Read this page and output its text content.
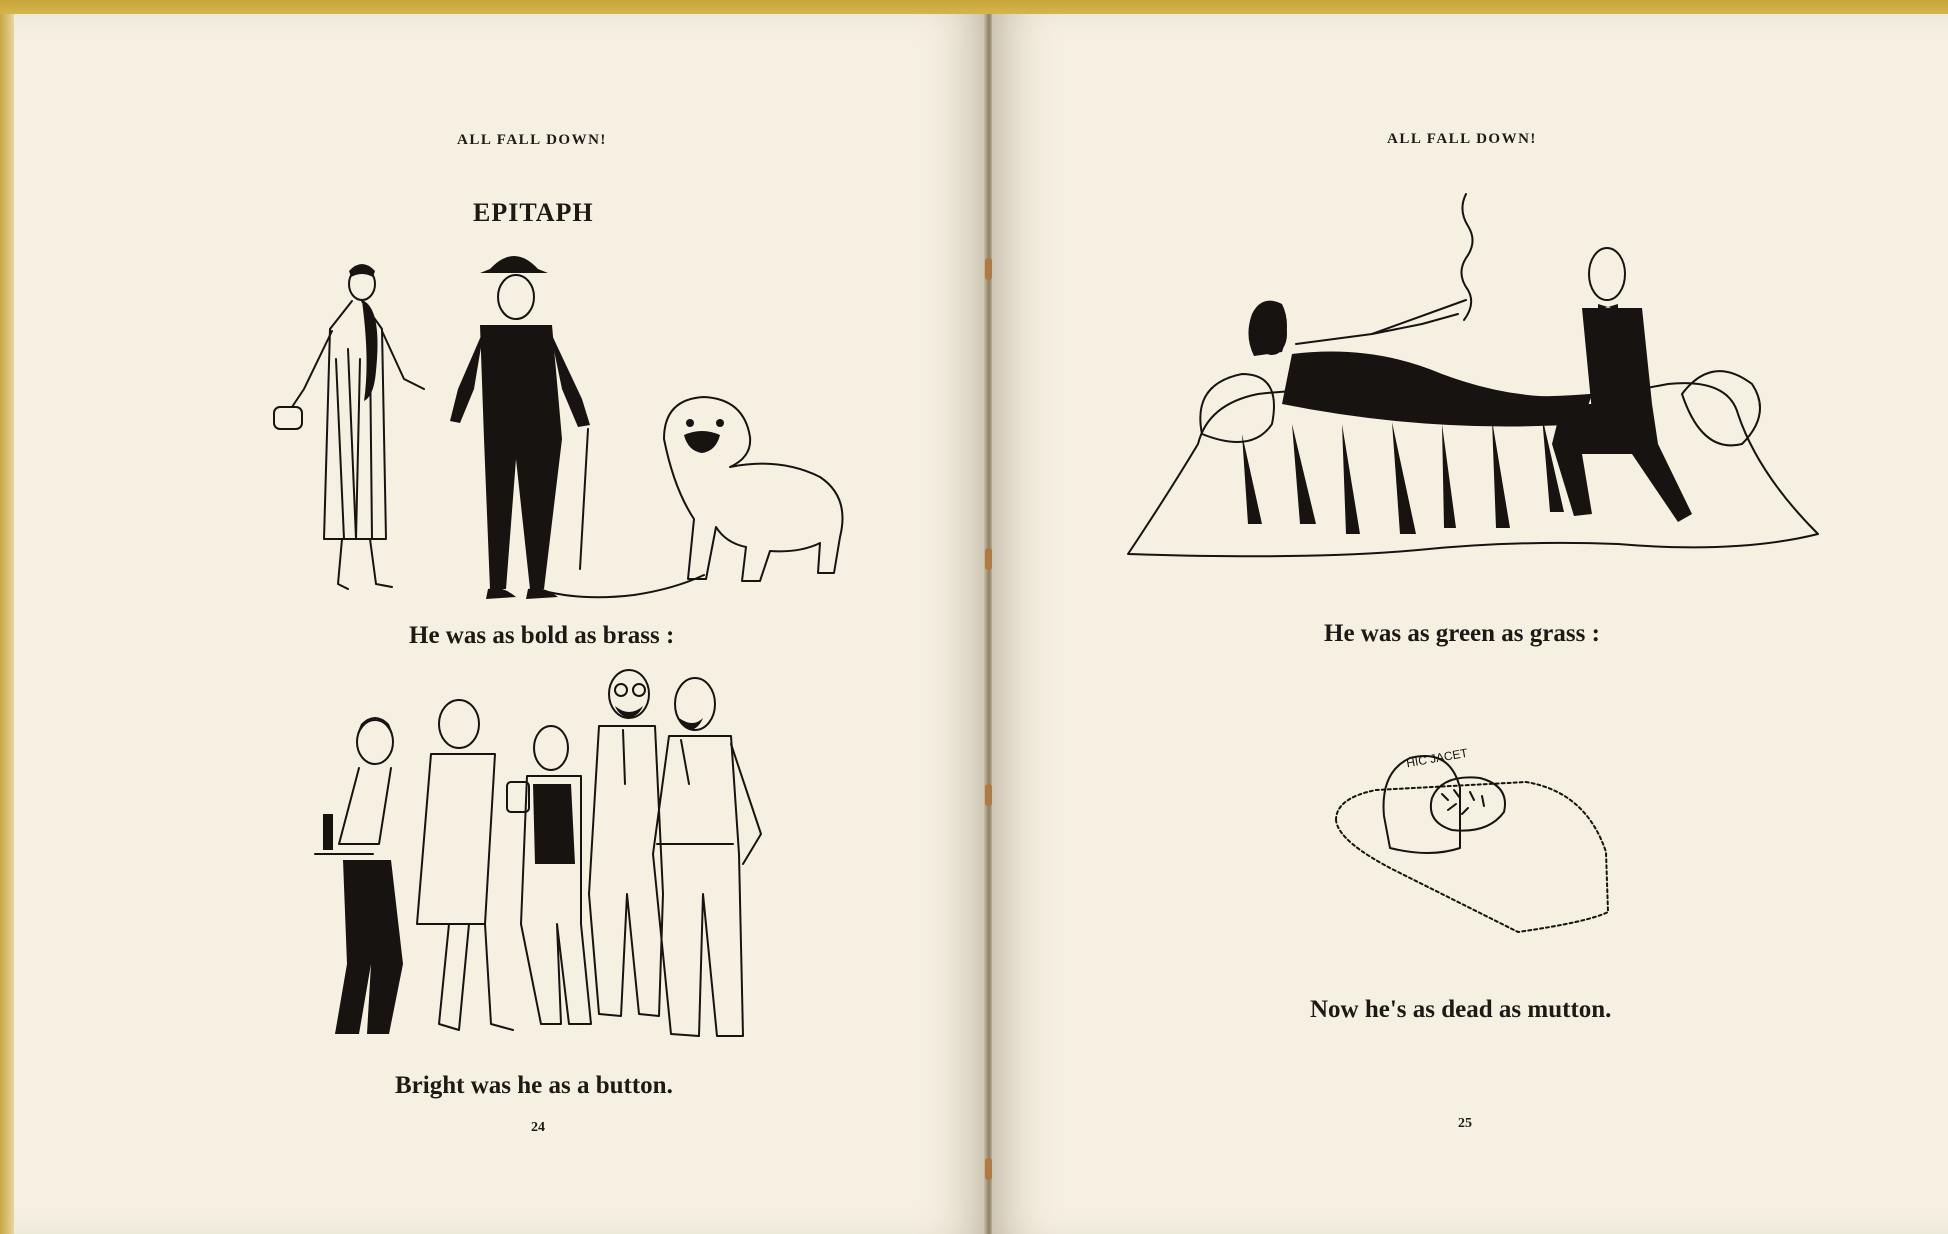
ALL FALL DOWN!
EPITAPH
He was as bold as brass :
Bright was he as a button.
24
ALL FALL DOWN!
He was as green as grass :
HIC JACET
Now he's as dead as mutton.
25
